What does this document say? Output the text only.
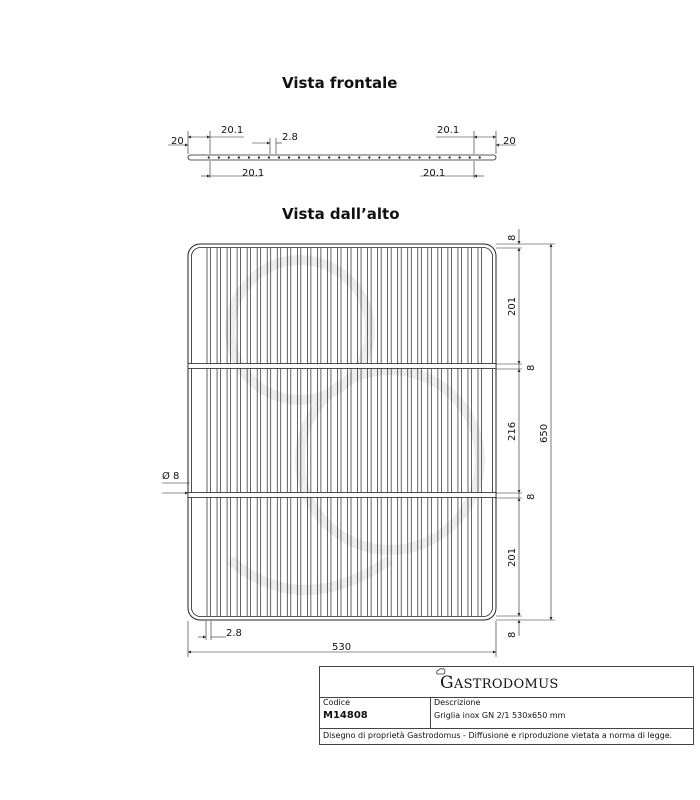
Vista frontale
Vista dall’alto
20
20.1
2.8
20.1
20
20.1	20.1
8
201
8
216
8
201
8
650
530
Ø 8
2.8
GASTRODOMUS
Codice
M14808
Descrizione
Griglia inox GN 2/1 530x650 mm
Disegno di proprietà Gastrodomus - Diffusione e riproduzione vietata a norma di legge.
